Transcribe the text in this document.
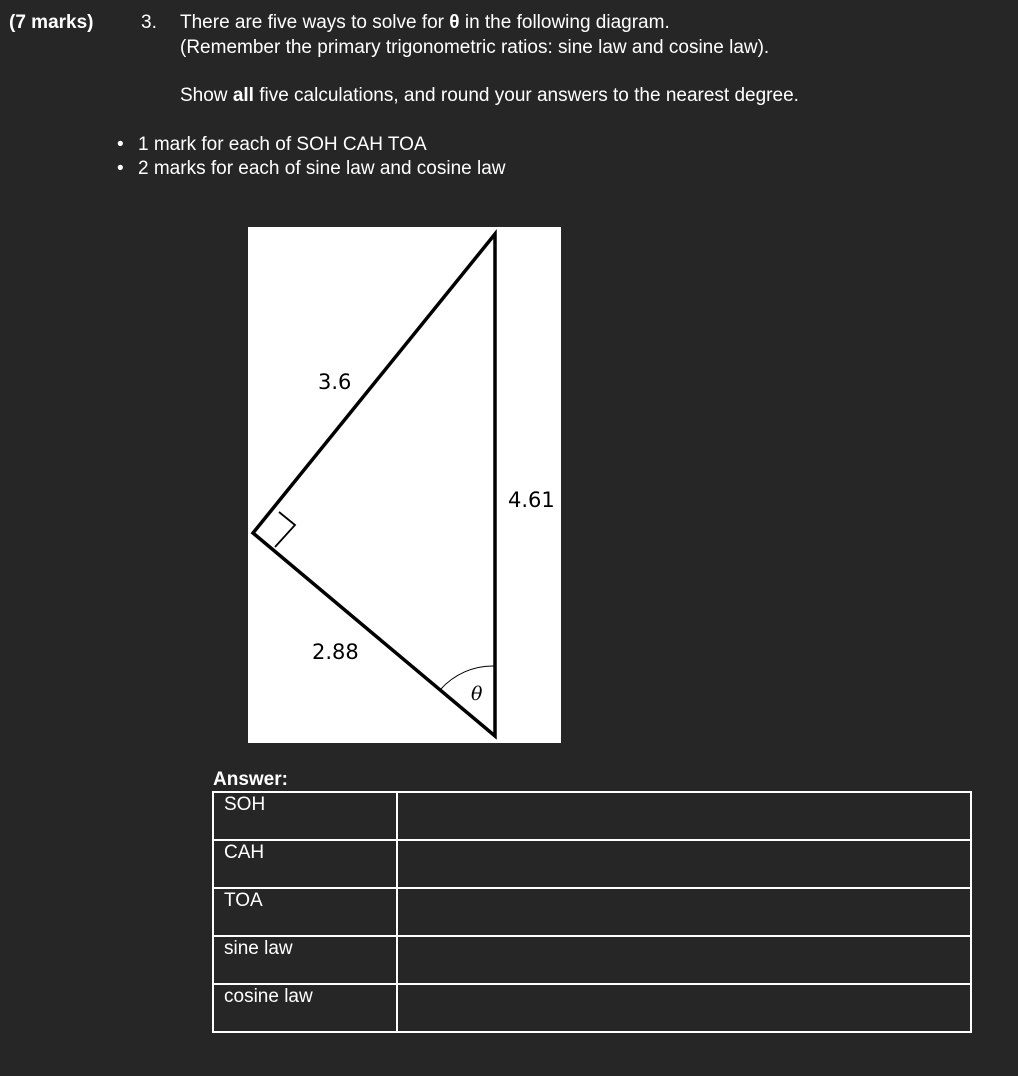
(7 marks)	3. There are five ways to solve for θ in the following diagram.
(Remember the primary trigonometric ratios: sine law and cosine law).
Show all five calculations, and round your answers to the nearest degree.
• 1 mark for each of SOH CAH TOA
• 2 marks for each of sine law and cosine law
3.6
4.61
2.88
θ
Answer:
SOH	
CAH	
TOA	
sine law	
cosine law	
